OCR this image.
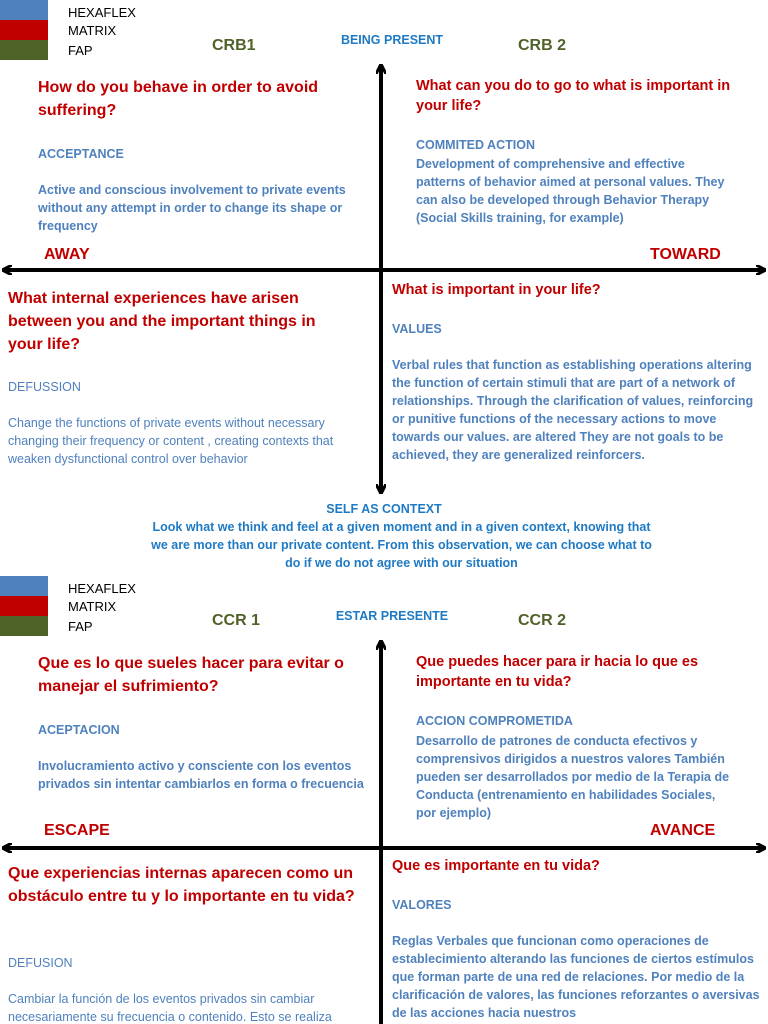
HEXAFLEX
MATRIX
FAP	CRB1	CRB 2
BEING PRESENT
How do you behave in order to avoid suffering?
ACCEPTANCE
Active and conscious involvement to private events without any attempt in order to change its shape or frequency
What can you do to go to what is important in your life?
COMMITED ACTION
Development of comprehensive and effective patterns of behavior aimed at personal values. They can also be developed through Behavior Therapy (Social Skills training, for example)
AWAY	TOWARD
What internal experiences have arisen between you and the important things in your life?
DEFUSSION
Change the functions of private events without necessary changing their frequency or content , creating contexts that weaken dysfunctional control over behavior
What is important in your life?
VALUES
Verbal rules that function as establishing operations altering the function of certain stimuli that are part of a network of relationships. Through the clarification of values, reinforcing or punitive functions of the necessary actions to move towards our values. are altered They are not goals to be achieved, they are generalized reinforcers.
SELF AS CONTEXT
Look what we think and feel at a given moment and in a given context, knowing that we are more than our private content. From this observation, we can choose what to do if we do not agree with our situation
HEXAFLEX
MATRIX
FAP	CCR 1	CCR 2
ESTAR PRESENTE
Que es lo que sueles hacer para evitar o manejar el sufrimiento?
ACEPTACION
Involucramiento activo y consciente con los eventos privados sin intentar cambiarlos en forma o frecuencia
Que puedes hacer para ir hacia lo que es importante en tu vida?
ACCION COMPROMETIDA
Desarrollo de patrones de conducta efectivos y comprensivos dirigidos a nuestros valores También pueden ser desarrollados por medio de la Terapia de Conducta (entrenamiento en habilidades Sociales, por ejemplo)
ESCAPE	AVANCE
Que experiencias internas aparecen como un obstáculo entre tu y lo importante en tu vida?
DEFUSION
Cambiar la función de los eventos privados sin cambiar necesariamente su frecuencia o contenido. Esto se realiza
Que es importante en tu vida?
VALORES
Reglas Verbales que funcionan como operaciones de establecimiento alterando las funciones de ciertos estímulos que forman parte de una red de relaciones. Por medio de la clarificación de valores, las funciones reforzantes o aversivas de las acciones hacia nuestros
